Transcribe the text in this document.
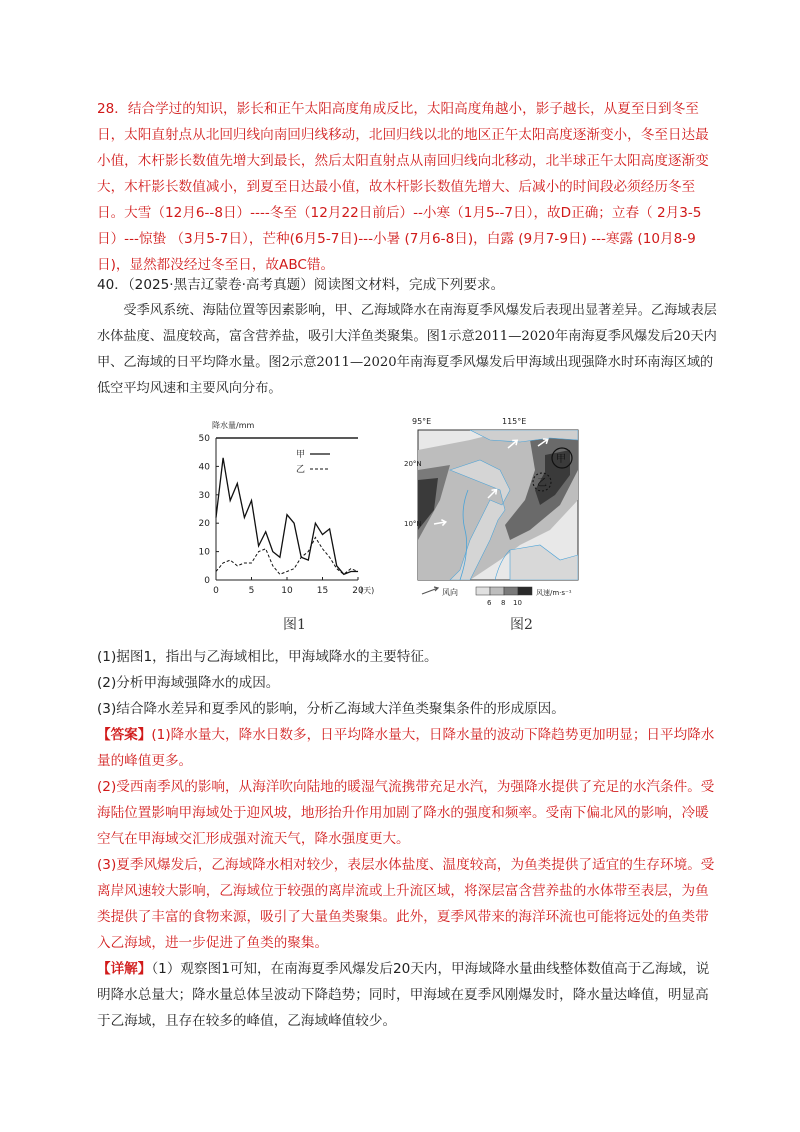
28．结合学过的知识，影长和正午太阳高度角成反比，太阳高度角越小，影子越长，从夏至日到冬至日，太阳直射点从北回归线向南回归线移动，北回归线以北的地区正午太阳高度逐渐变小，冬至日达最小值，木杆影长数值先增大到最长，然后太阳直射点从南回归线向北移动，北半球正午太阳高度逐渐变大，木杆影长数值减小，到夏至日达最小值，故木杆影长数值先增大、后减小的时间段必须经历冬至日。大雪（12月6--8日）----冬至（12月22日前后）--小寒（1月5--7日），故D正确；立春（ 2月3-5日）---惊蛰 （3月5-7日），芒种(6月5-7日)---小暑 (7月6-8日)，白露 (9月7-9日) ---寒露 (10月8-9日)，显然都没经过冬至日，故ABC错。

40．（2025·黑吉辽蒙卷·高考真题）阅读图文材料，完成下列要求。

受季风系统、海陆位置等因素影响，甲、乙海域降水在南海夏季风爆发后表现出显著差异。乙海域表层水体盐度、温度较高，富含营养盐，吸引大洋鱼类聚集。图1示意2011—2020年南海夏季风爆发后20天内甲、乙海域的日平均降水量。图2示意2011—2020年南海夏季风爆发后甲海域出现强降水时环南海区域的低空平均风速和主要风向分布。

0
10
20
30
40
50
0	5	10	15	20
(天)
降水量/mm
甲
乙
图1
甲
乙
95°E	115°E
20°N
10°N
风向
6 8 10
风速/m·s⁻¹
图2

(1)据图1，指出与乙海域相比，甲海域降水的主要特征。

(2)分析甲海域强降水的成因。

(3)结合降水差异和夏季风的影响，分析乙海域大洋鱼类聚集条件的形成原因。

【答案】(1)降水量大，降水日数多，日平均降水量大，日降水量的波动下降趋势更加明显；日平均降水量的峰值更多。

(2)受西南季风的影响，从海洋吹向陆地的暖湿气流携带充足水汽，为强降水提供了充足的水汽条件。受海陆位置影响甲海域处于迎风坡，地形抬升作用加剧了降水的强度和频率。受南下偏北风的影响，冷暖空气在甲海域交汇形成强对流天气，降水强度更大。

(3)夏季风爆发后，乙海域降水相对较少，表层水体盐度、温度较高，为鱼类提供了适宜的生存环境。受离岸风速较大影响，乙海域位于较强的离岸流或上升流区域，将深层富含营养盐的水体带至表层，为鱼类提供了丰富的食物来源，吸引了大量鱼类聚集。此外，夏季风带来的海洋环流也可能将远处的鱼类带入乙海域，进一步促进了鱼类的聚集。

【详解】（1）观察图1可知，在南海夏季风爆发后20天内，甲海域降水量曲线整体数值高于乙海域，说明降水总量大；降水量总体呈波动下降趋势；同时，甲海域在夏季风刚爆发时，降水量达峰值，明显高于乙海域，且存在较多的峰值，乙海域峰值较少。
